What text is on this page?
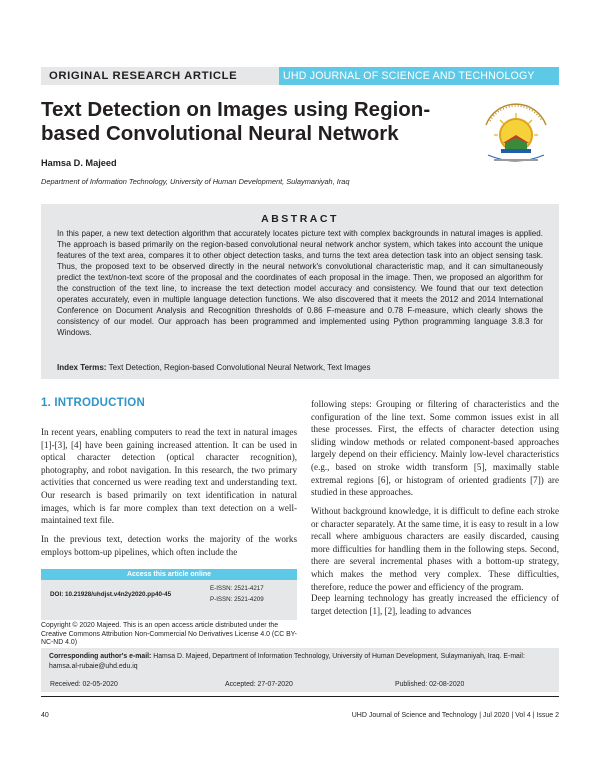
ORIGINAL RESEARCH ARTICLE	UHD JOURNAL OF SCIENCE AND TECHNOLOGY
Text Detection on Images using Region-based Convolutional Neural Network
Hamsa D. Majeed
Department of Information Technology, University of Human Development, Sulaymaniyah, Iraq
ABSTRACT
In this paper, a new text detection algorithm that accurately locates picture text with complex backgrounds in natural images is applied. The approach is based primarily on the region-based convolutional neural network anchor system, which takes into account the unique features of the text area, compares it to other object detection tasks, and turns the text area detection task into an object sensing task. Thus, the proposed text to be observed directly in the neural network's convolutional characteristic map, and it can simultaneously predict the text/non-text score of the proposal and the coordinates of each proposal in the image. Then, we proposed an algorithm for the construction of the text line, to increase the text detection model accuracy and consistency. We found that our text detection operates accurately, even in multiple language detection functions. We also discovered that it meets the 2012 and 2014 International Conference on Document Analysis and Recognition thresholds of 0.86 F-measure and 0.78 F-measure, which clearly shows the consistency of our model. Our approach has been programmed and implemented using Python programming language 3.8.3 for Windows.
Index Terms: Text Detection, Region-based Convolutional Neural Network, Text Images
1. INTRODUCTION
In recent years, enabling computers to read the text in natural images [1]-[3], [4] have been gaining increased attention. It can be used in optical character detection (optical character recognition), photography, and robot navigation. In this research, the two primary activities that concerned us were reading text and understanding text. Our research is based primarily on text identification in natural images, which is far more complex than text detection on a well-maintained text file.
In the previous text, detection works the majority of the works employs bottom-up pipelines, which often include the
Access this article online
DOI: 10.21928/uhdjst.v4n2y2020.pp40-45
E-ISSN: 2521-4217
P-ISSN: 2521-4209
Copyright © 2020 Majeed. This is an open access article distributed under the Creative Commons Attribution Non-Commercial No Derivatives License 4.0 (CC BY-NC-ND 4.0)
following steps: Grouping or filtering of characteristics and the configuration of the line text. Some common issues exist in all these processes. First, the effects of character detection using sliding window methods or related component-based approaches largely depend on their efficiency. Mainly low-level characteristics (e.g., based on stroke width transform [5], maximally stable extremal regions [6], or histogram of oriented gradients [7]) are studied in these approaches.
Without background knowledge, it is difficult to define each stroke or character separately. At the same time, it is easy to result in a low recall where ambiguous characters are easily discarded, causing more difficulties for handling them in the following steps. Second, there are several incremental phases with a bottom-up strategy, which makes the method very complex. These difficulties, therefore, reduce the power and efficiency of the program.
Deep learning technology has greatly increased the efficiency of target detection [1], [2], leading to advances
Corresponding author's e-mail: Hamsa D. Majeed, Department of Information Technology, University of Human Development, Sulaymaniyah, Iraq. E-mail: hamsa.al-rubaie@uhd.edu.iq
Received: 02-05-2020	Accepted: 27-07-2020	Published: 02-08-2020
40	UHD Journal of Science and Technology | Jul 2020 | Vol 4 | Issue 2
